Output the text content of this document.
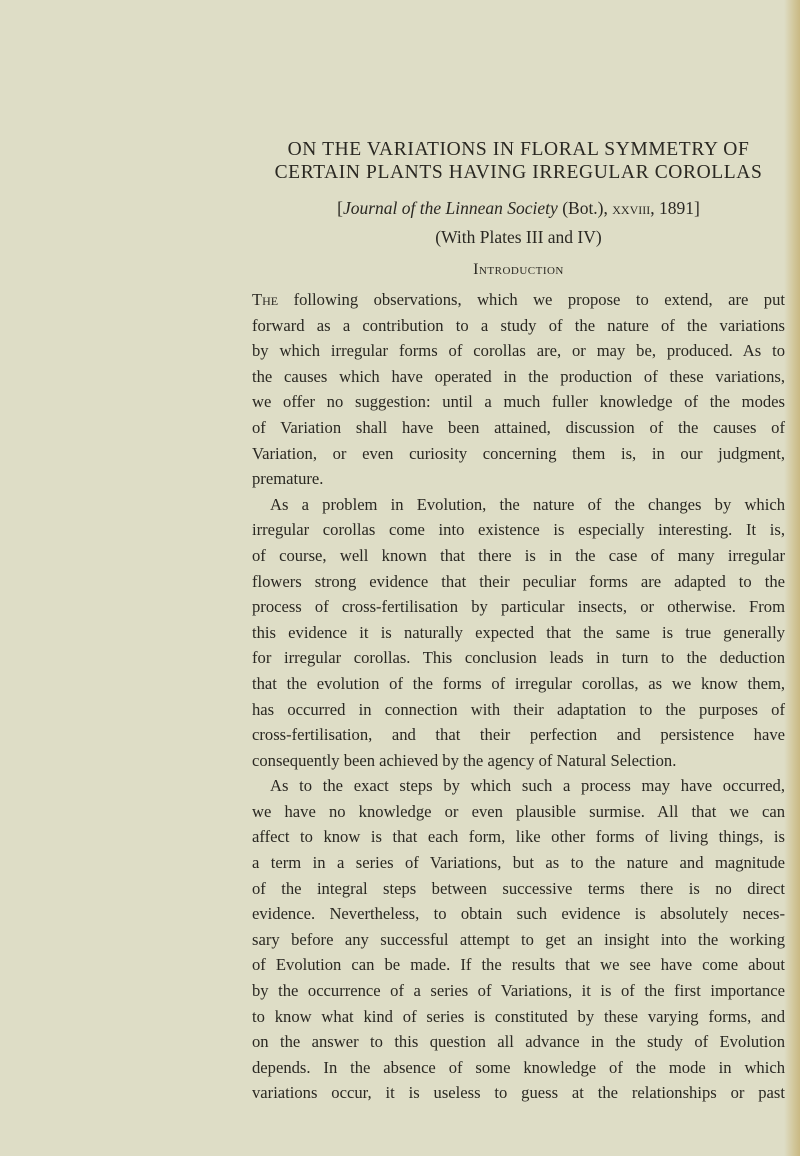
ON THE VARIATIONS IN FLORAL SYMMETRY OF
CERTAIN PLANTS HAVING IRREGULAR COROLLAS
[Journal of the Linnean Society (Bot.), xxviii, 1891]
(With Plates III and IV)
Introduction
The following observations, which we propose to extend, are put
forward as a contribution to a study of the nature of the variations
by which irregular forms of corollas are, or may be, produced. As to
the causes which have operated in the production of these variations,
we offer no suggestion: until a much fuller knowledge of the modes
of Variation shall have been attained, discussion of the causes of
Variation, or even curiosity concerning them is, in our judgment,
premature.
As a problem in Evolution, the nature of the changes by which
irregular corollas come into existence is especially interesting. It is,
of course, well known that there is in the case of many irregular
flowers strong evidence that their peculiar forms are adapted to the
process of cross-fertilisation by particular insects, or otherwise. From
this evidence it is naturally expected that the same is true generally
for irregular corollas. This conclusion leads in turn to the deduction
that the evolution of the forms of irregular corollas, as we know them,
has occurred in connection with their adaptation to the purposes of
cross-fertilisation, and that their perfection and persistence have
consequently been achieved by the agency of Natural Selection.
As to the exact steps by which such a process may have occurred,
we have no knowledge or even plausible surmise. All that we can
affect to know is that each form, like other forms of living things, is
a term in a series of Variations, but as to the nature and magnitude
of the integral steps between successive terms there is no direct
evidence. Nevertheless, to obtain such evidence is absolutely neces-
sary before any successful attempt to get an insight into the working
of Evolution can be made. If the results that we see have come about
by the occurrence of a series of Variations, it is of the first importance
to know what kind of series is constituted by these varying forms, and
on the answer to this question all advance in the study of Evolution
depends. In the absence of some knowledge of the mode in which
variations occur, it is useless to guess at the relationships or past
